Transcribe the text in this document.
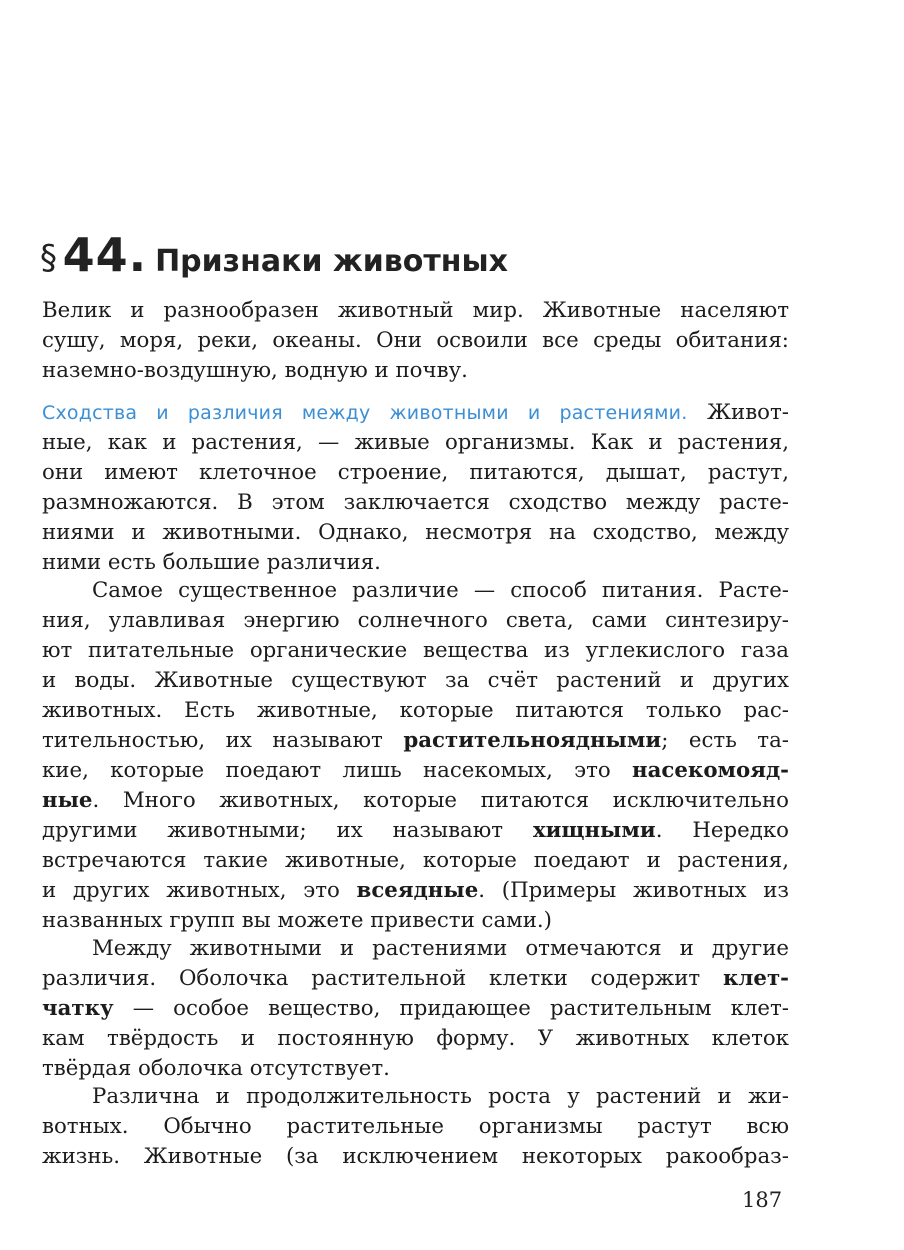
§ 44. Признаки животных
Велик и разнообразен животный мир. Животные населяют
сушу, моря, реки, океаны. Они освоили все среды обитания:
наземно-воздушную, водную и почву.
Сходства и различия между животными и растениями. Живот-
ные, как и растения, — живые организмы. Как и растения,
они имеют клеточное строение, питаются, дышат, растут,
размножаются. В этом заключается сходство между расте-
ниями и животными. Однако, несмотря на сходство, между
ними есть большие различия.
Самое существенное различие — способ питания. Расте-
ния, улавливая энергию солнечного света, сами синтезиру-
ют питательные органические вещества из углекислого газа
и воды. Животные существуют за счёт растений и других
животных. Есть животные, которые питаются только рас-
тительностью, их называют растительноядными; есть та-
кие, которые поедают лишь насекомых, это насекомояд-
ные. Много животных, которые питаются исключительно
другими животными; их называют хищными. Нередко
встречаются такие животные, которые поедают и растения,
и других животных, это всеядные. (Примеры животных из
названных групп вы можете привести сами.)
Между животными и растениями отмечаются и другие
различия. Оболочка растительной клетки содержит клет-
чатку — особое вещество, придающее растительным клет-
кам твёрдость и постоянную форму. У животных клеток
твёрдая оболочка отсутствует.
Различна и продолжительность роста у растений и жи-
вотных. Обычно растительные организмы растут всю
жизнь. Животные (за исключением некоторых ракообраз-
187
